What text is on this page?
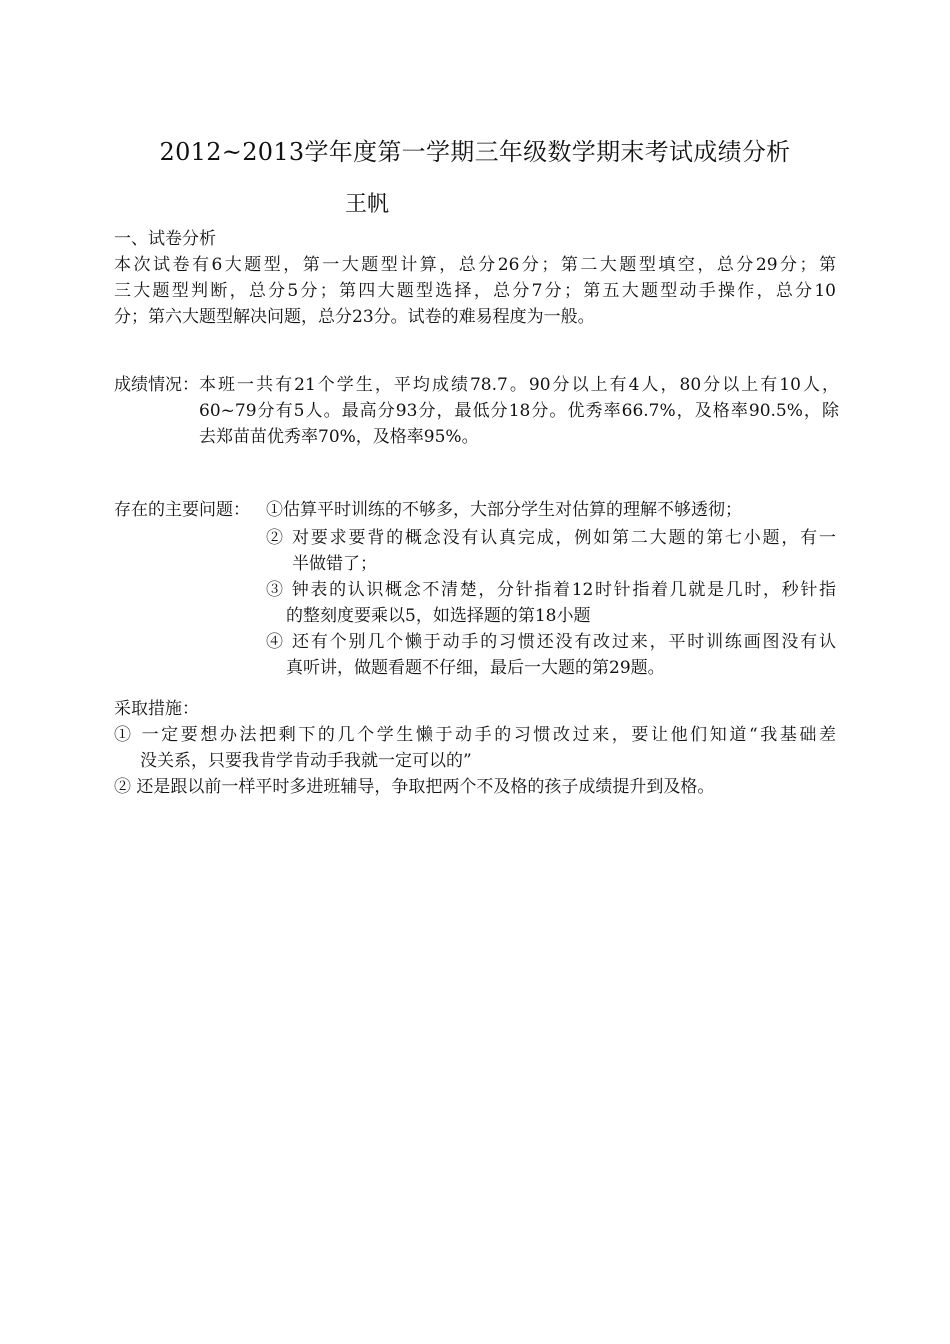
2012~2013学年度第一学期三年级数学期末考试成绩分析
王帆
一、试卷分析
本次试卷有6大题型，第一大题型计算，总分26分；第二大题型填空，总分29分；第
三大题型判断，总分5分；第四大题型选择，总分7分；第五大题型动手操作，总分10
分；第六大题型解决问题，总分23分。试卷的难易程度为一般。
成绩情况： 本班一共有21个学生，平均成绩78.7。90分以上有4人，80分以上有10人，
60~79分有5人。最高分93分，最低分18分。优秀率66.7%，及格率90.5%，除
去郑苗苗优秀率70%，及格率95%。
存在的主要问题： ①估算平时训练的不够多，大部分学生对估算的理解不够透彻；
② 对要求要背的概念没有认真完成，例如第二大题的第七小题，有一
半做错了；
③ 钟表的认识概念不清楚，分针指着12时针指着几就是几时，秒针指
的整刻度要乘以5，如选择题的第18小题
④ 还有个别几个懒于动手的习惯还没有改过来，平时训练画图没有认
真听讲，做题看题不仔细，最后一大题的第29题。
采取措施：
① 一定要想办法把剩下的几个学生懒于动手的习惯改过来，要让他们知道“我基础差
没关系，只要我肯学肯动手我就一定可以的”
② 还是跟以前一样平时多进班辅导，争取把两个不及格的孩子成绩提升到及格。
